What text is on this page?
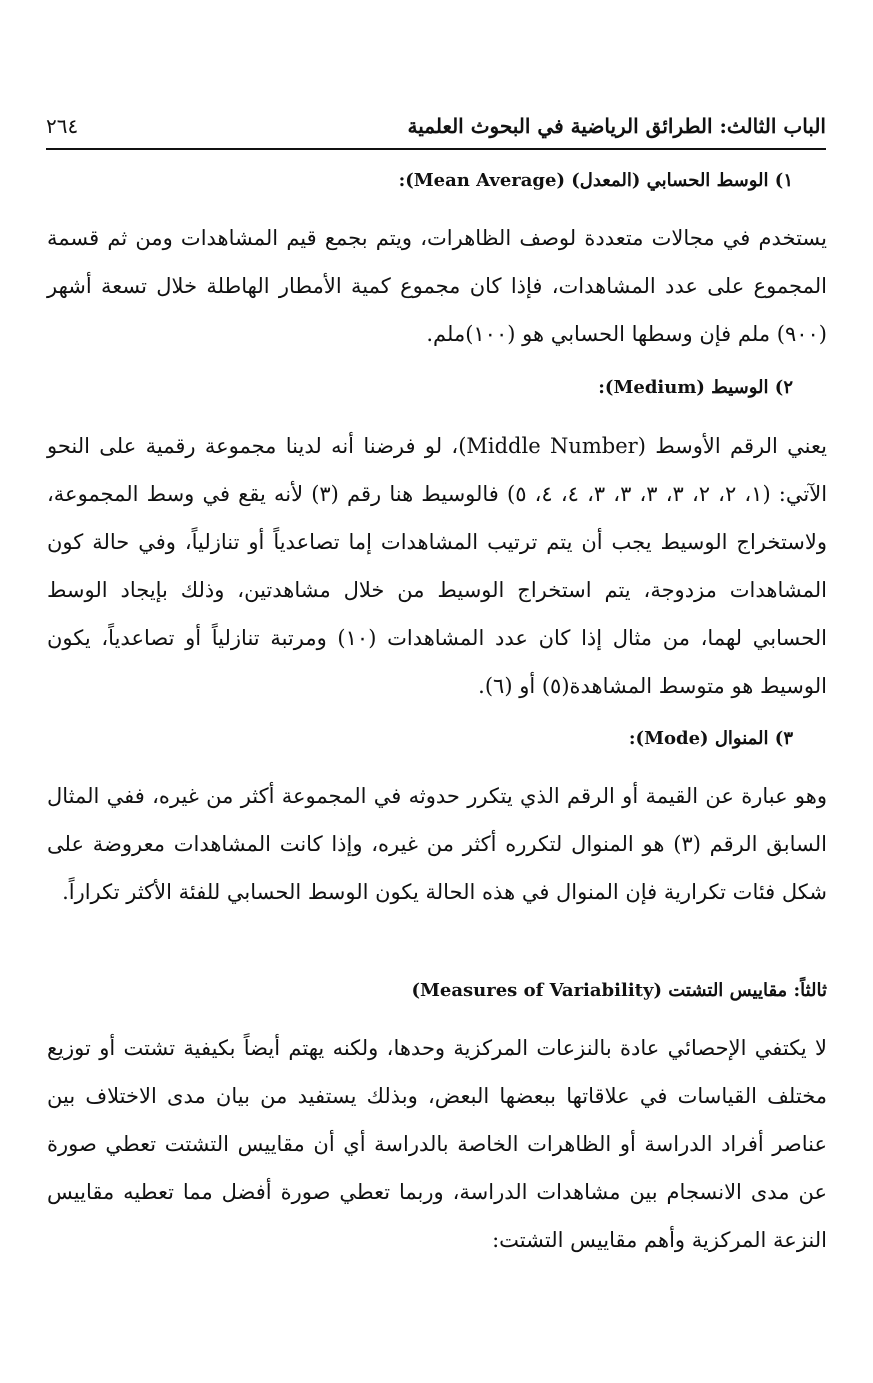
الباب الثالث: الطرائق الرياضية في البحوث العلمية
٢٦٤
١) الوسط الحسابي (المعدل) (Mean Average):
يستخدم في مجالات متعددة لوصف الظاهرات، ويتم بجمع قيم المشاهدات ومن ثم قسمة المجموع على عدد المشاهدات، فإذا كان مجموع كمية الأمطار الهاطلة خلال تسعة أشهر (٩٠٠) ملم فإن وسطها الحسابي هو (١٠٠)ملم.
٢) الوسيط (Medium):
يعني الرقم الأوسط (Middle Number)، لو فرضنا أنه لدينا مجموعة رقمية على النحو الآتي: (١، ٢، ٢، ٣، ٣، ٣، ٣، ٤، ٤، ٥) فالوسيط هنا رقم (٣) لأنه يقع في وسط المجموعة، ولاستخراج الوسيط يجب أن يتم ترتيب المشاهدات إما تصاعدياً أو تنازلياً، وفي حالة كون المشاهدات مزدوجة، يتم استخراج الوسيط من خلال مشاهدتين، وذلك بإيجاد الوسط الحسابي لهما، من مثال إذا كان عدد المشاهدات (١٠) ومرتبة تنازلياً أو تصاعدياً، يكون الوسيط هو متوسط المشاهدة(٥) أو (٦).
٣) المنوال (Mode):
وهو عبارة عن القيمة أو الرقم الذي يتكرر حدوثه في المجموعة أكثر من غيره، ففي المثال السابق الرقم (٣) هو المنوال لتكرره أكثر من غيره، وإذا كانت المشاهدات معروضة على شكل فئات تكرارية فإن المنوال في هذه الحالة يكون الوسط الحسابي للفئة الأكثر تكراراً.
ثالثاً: مقاييس التشتت (Measures of Variability)
لا يكتفي الإحصائي عادة بالنزعات المركزية وحدها، ولكنه يهتم أيضاً بكيفية تشتت أو توزيع مختلف القياسات في علاقاتها ببعضها البعض، وبذلك يستفيد من بيان مدى الاختلاف بين عناصر أفراد الدراسة أو الظاهرات الخاصة بالدراسة أي أن مقاييس التشتت تعطي صورة عن مدى الانسجام بين مشاهدات الدراسة، وربما تعطي صورة أفضل مما تعطيه مقاييس النزعة المركزية وأهم مقاييس التشتت:
